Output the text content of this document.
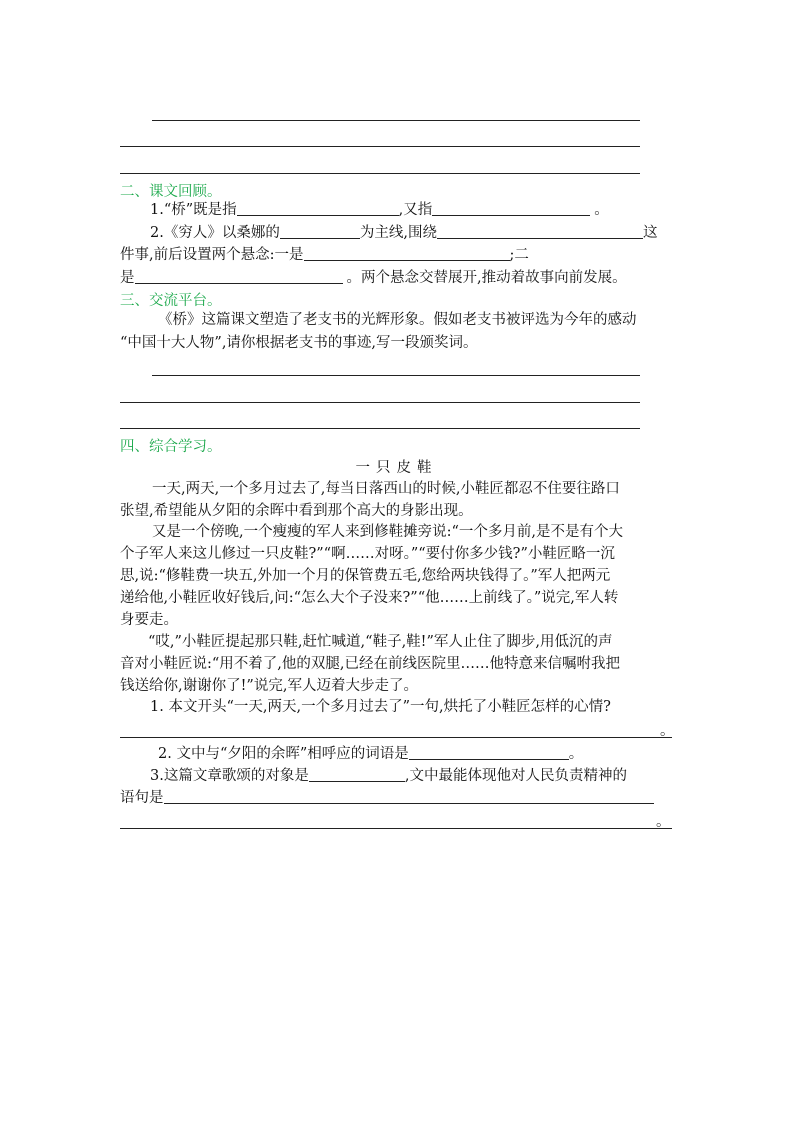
二、课文回顾。
1.“桥”既是指	,又指	。
2.《穷人》以桑娜的	为主线,围绕	这
件事,前后设置两个悬念:一是	;二
是	。两个悬念交替展开,推动着故事向前发展。
三、交流平台。
《桥》这篇课文塑造了老支书的光辉形象。假如老支书被评选为今年的感动
“中国十大人物”,请你根据老支书的事迹,写一段颁奖词。
四、综合学习。
一只皮鞋
一天,两天,一个多月过去了,每当日落西山的时候,小鞋匠都忍不住要往路口
张望,希望能从夕阳的余晖中看到那个高大的身影出现。
又是一个傍晚,一个瘦瘦的军人来到修鞋摊旁说:“一个多月前,是不是有个大
个子军人来这儿修过一只皮鞋?”“啊……对呀。”“要付你多少钱?”小鞋匠略一沉
思,说:“修鞋费一块五,外加一个月的保管费五毛,您给两块钱得了。”军人把两元
递给他,小鞋匠收好钱后,问:“怎么大个子没来?”“他……上前线了。”说完,军人转
身要走。
“哎,”小鞋匠提起那只鞋,赶忙喊道,“鞋子,鞋!”军人止住了脚步,用低沉的声
音对小鞋匠说:“用不着了,他的双腿,已经在前线医院里……他特意来信嘱咐我把
钱送给你,谢谢你了!”说完,军人迈着大步走了。
1. 本文开头“一天,两天,一个多月过去了”一句,烘托了小鞋匠怎样的心情?
。
2. 文中与“夕阳的余晖”相呼应的词语是	。
3.这篇文章歌颂的对象是	,文中最能体现他对人民负责精神的
语句是
。
